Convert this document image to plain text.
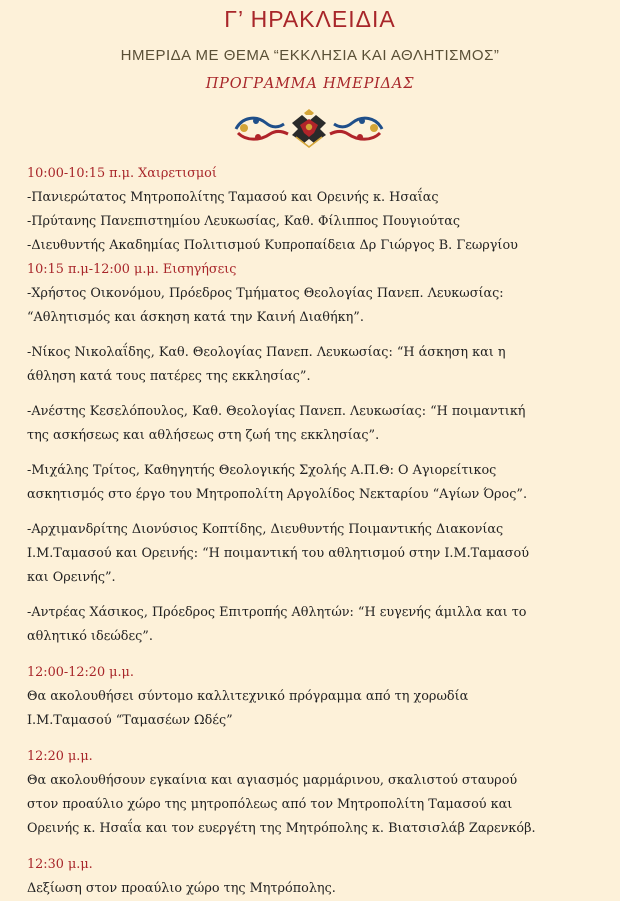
Γ’ ΗΡΑΚΛΕΙΔΙΑ
ΗΜΕΡΙΔΑ ΜΕ ΘΕΜΑ “ΕΚΚΛΗΣΙΑ ΚΑΙ ΑΘΛΗΤΙΣΜΟΣ”
ΠΡΟΓΡΑΜΜΑ ΗΜΕΡΙΔΑΣ
10:00-10:15 π.μ. Χαιρετισμοί
-Πανιερώτατος Μητροπολίτης Ταμασού και Ορεινής κ. Ησαΐας
-Πρύτανης Πανεπιστημίου Λευκωσίας, Καθ. Φίλιππος Πουγιούτας
-Διευθυντής Ακαδημίας Πολιτισμού Κυπροπαίδεια Δρ Γιώργος Β. Γεωργίου
10:15 π.μ-12:00 μ.μ. Εισηγήσεις
-Χρήστος Οικονόμου, Πρόεδρος Τμήματος Θεολογίας Πανεπ. Λευκωσίας:
“Αθλητισμός και άσκηση κατά την Καινή Διαθήκη”.
-Νίκος Νικολαΐδης, Καθ. Θεολογίας Πανεπ. Λευκωσίας: “Η άσκηση και η
άθληση κατά τους πατέρες της εκκλησίας”.
-Ανέστης Κεσελόπουλος, Καθ. Θεολογίας Πανεπ. Λευκωσίας: “Η ποιμαντική
της ασκήσεως και αθλήσεως στη ζωή της εκκλησίας”.
-Μιχάλης Τρίτος, Καθηγητής Θεολογικής Σχολής Α.Π.Θ: Ο Αγιορείτικος
ασκητισμός στο έργο του Μητροπολίτη Αργολίδος Νεκταρίου “Αγίων Όρος”.
-Αρχιμανδρίτης Διονύσιος Κοπτίδης, Διευθυντής Ποιμαντικής Διακονίας
Ι.Μ.Ταμασού και Ορεινής: “Η ποιμαντική του αθλητισμού στην Ι.Μ.Ταμασού
και Ορεινής”.
-Αντρέας Χάσικος, Πρόεδρος Επιτροπής Αθλητών: “Η ευγενής άμιλλα και το
αθλητικό ιδεώδες”.
12:00-12:20 μ.μ.
Θα ακολουθήσει σύντομο καλλιτεχνικό πρόγραμμα από τη χορωδία
Ι.Μ.Ταμασού “Ταμασέων Ωδές”
12:20 μ.μ.
Θα ακολουθήσουν εγκαίνια και αγιασμός μαρμάρινου, σκαλιστού σταυρού
στον προαύλιο χώρο της μητροπόλεως από τον Μητροπολίτη Ταμασού και
Ορεινής κ. Ησαΐα και τον ευεργέτη της Μητρόπολης κ. Βιατσισλάβ Ζαρενκόβ.
12:30 μ.μ.
Δεξίωση στον προαύλιο χώρο της Μητρόπολης.
